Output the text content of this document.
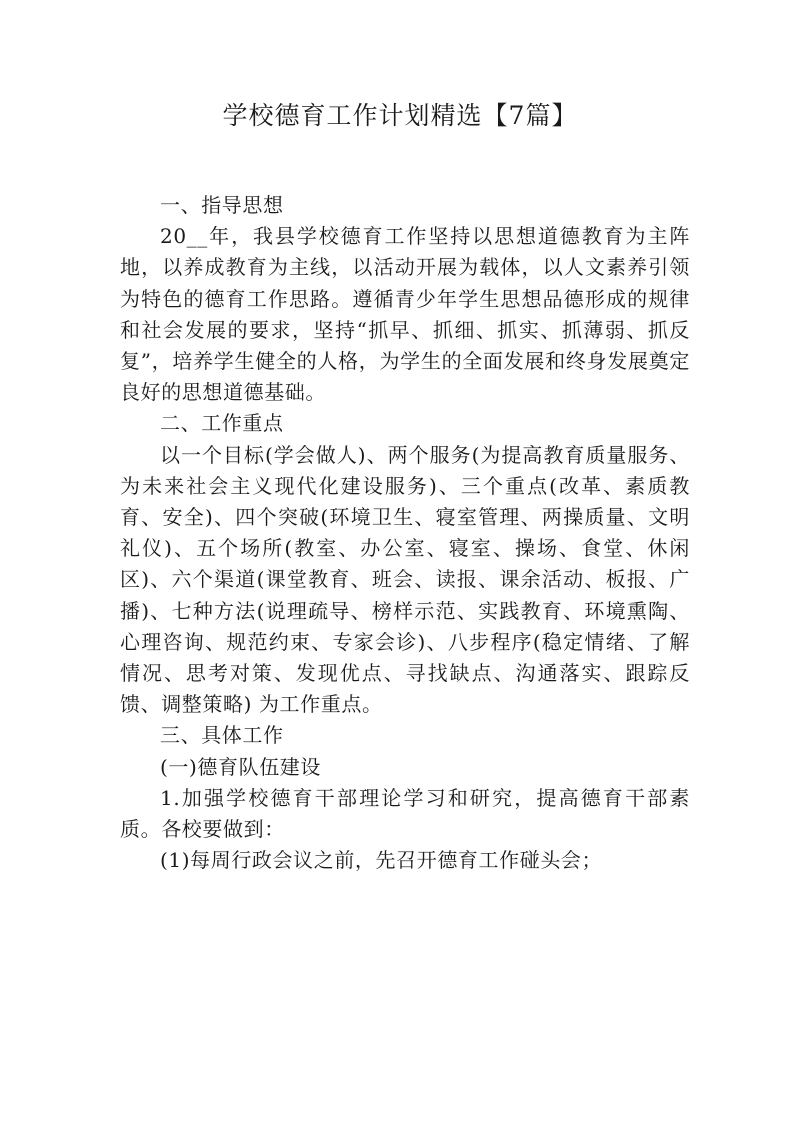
学校德育工作计划精选【7篇】

一、指导思想

20__年，我县学校德育工作坚持以思想道德教育为主阵地，以养成教育为主线，以活动开展为载体，以人文素养引领为特色的德育工作思路。遵循青少年学生思想品德形成的规律和社会发展的要求，坚持“抓早、抓细、抓实、抓薄弱、抓反复”，培养学生健全的人格，为学生的全面发展和终身发展奠定良好的思想道德基础。

二、工作重点

以一个目标(学会做人)、两个服务(为提高教育质量服务、为未来社会主义现代化建设服务)、三个重点(改革、素质教育、安全)、四个突破(环境卫生、寝室管理、两操质量、文明礼仪)、五个场所(教室、办公室、寝室、操场、食堂、休闲区)、六个渠道(课堂教育、班会、读报、课余活动、板报、广播)、七种方法(说理疏导、榜样示范、实践教育、环境熏陶、心理咨询、规范约束、专家会诊)、八步程序(稳定情绪、了解情况、思考对策、发现优点、寻找缺点、沟通落实、跟踪反馈、调整策略) 为工作重点。

三、具体工作

(一)德育队伍建设

1.加强学校德育干部理论学习和研究，提高德育干部素质。各校要做到：

(1)每周行政会议之前，先召开德育工作碰头会；
